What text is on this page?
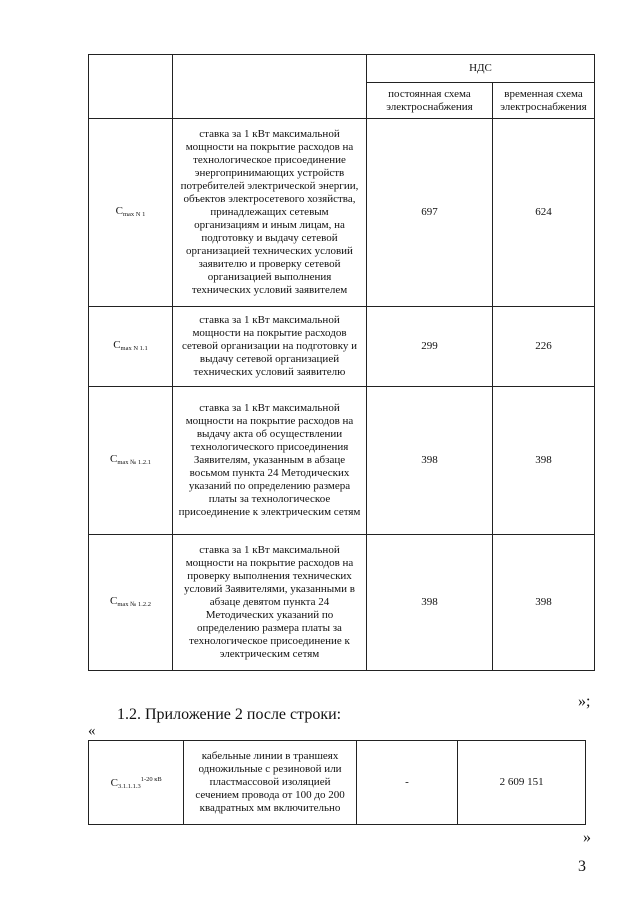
		НДС	
		постоянная схема электроснабжения	временная схема электроснабжения
$C_{max N 1}$	ставка за 1 кВт максимальной мощности на покрытие расходов на технологическое присоединение энергопринимающих устройств потребителей электрической энергии, объектов электросетевого хозяйства, принадлежащих сетевым организациям и иным лицам, на подготовку и выдачу сетевой организацией технических условий заявителю и проверку сетевой организацией выполнения технических условий заявителем	697	624
$C_{max N 1.1}$	ставка за 1 кВт максимальной мощности на покрытие расходов сетевой организации на подготовку и выдачу сетевой организацией технических условий заявителю	299	226
$C_{max № 1.2.1}$	ставка за 1 кВт максимальной мощности на покрытие расходов на выдачу акта об осуществлении технологического присоединения Заявителям, указанным в абзаце восьмом пункта 24 Методических указаний по определению размера платы за технологическое присоединение к электрическим сетям	398	398
$C_{max № 1.2.2}$	ставка за 1 кВт максимальной мощности на покрытие расходов на проверку выполнения технических условий Заявителями, указанными в абзаце девятом пункта 24 Методических указаний по определению размера платы за технологическое присоединение к электрическим сетям	398	398
»;
1.2. Приложение 2 после строки:
«
$C_{3.1.1.1.3}^{1-20 кВ}$	кабельные линии в траншеях одножильные с резиновой или пластмассовой изоляцией сечением провода от 100 до 200 квадратных мм включительно	-	2 609 151
»
3
